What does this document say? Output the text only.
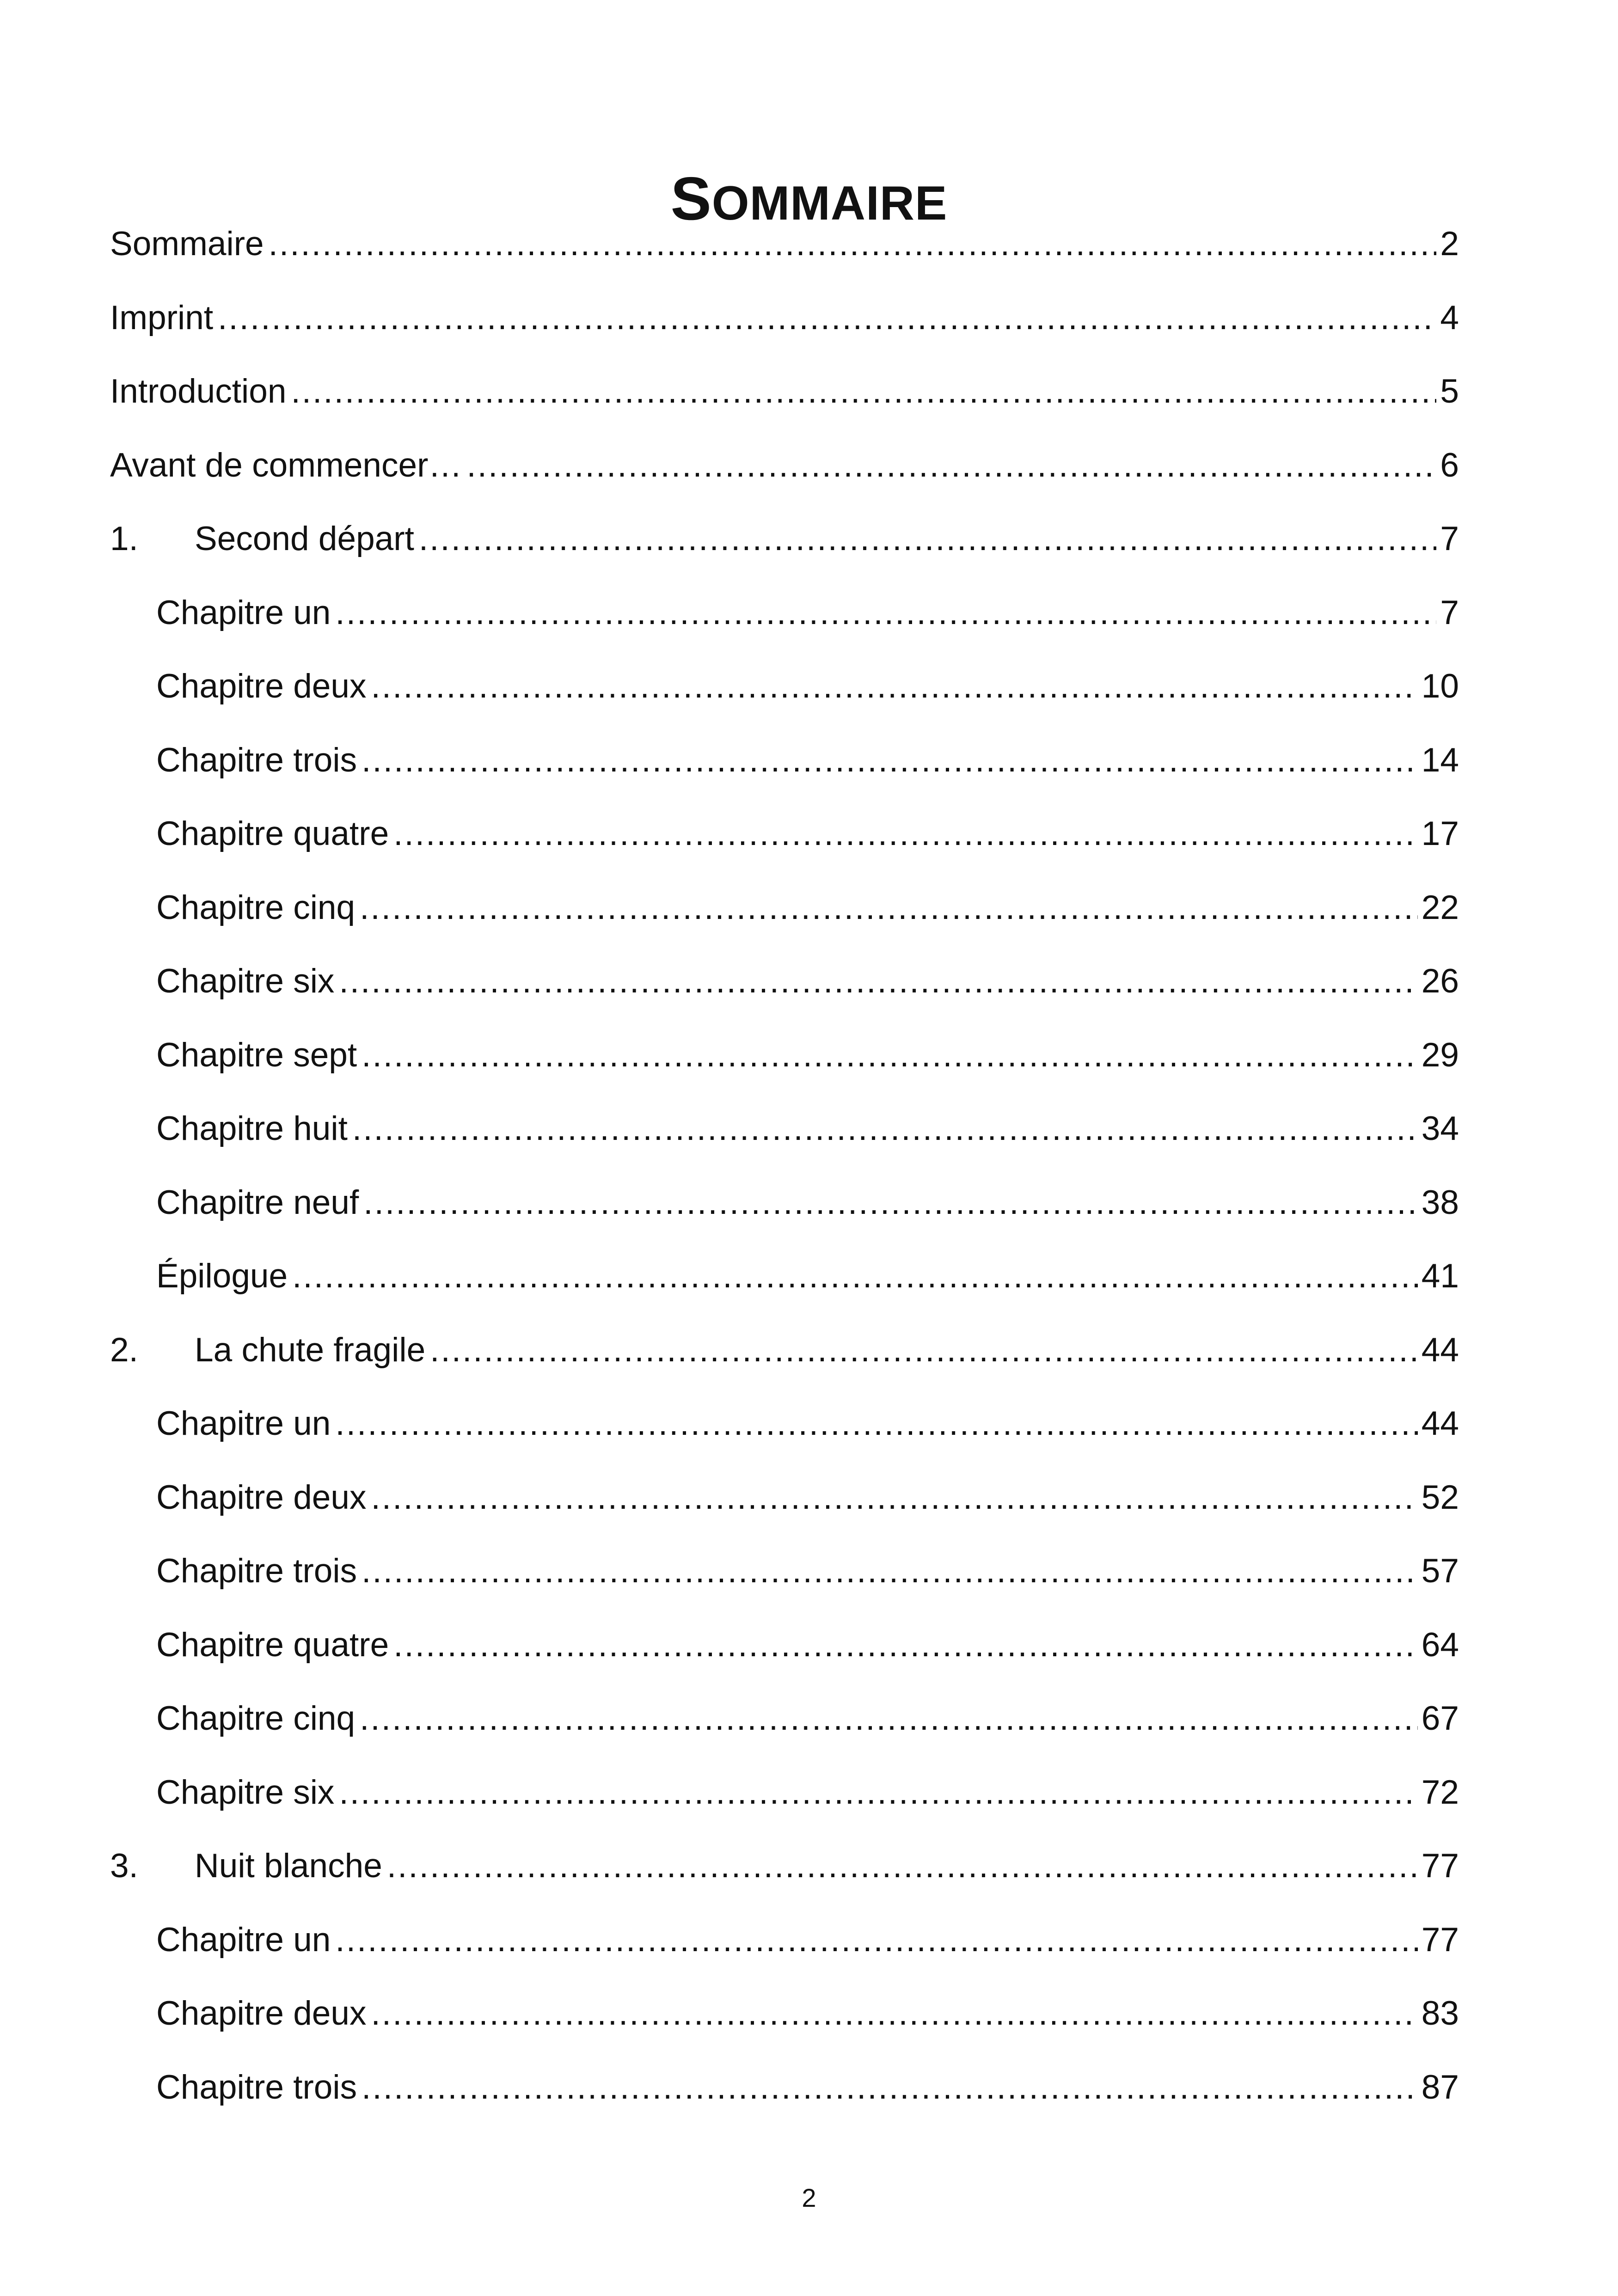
SOMMAIRE
Sommaire .....	2
Imprint .....	4
Introduction .....	5
Avant de commencer… .....	6
1.	Second départ .....	7
Chapitre un .....	7
Chapitre deux .....	10
Chapitre trois .....	14
Chapitre quatre .....	17
Chapitre cinq .....	22
Chapitre six .....	26
Chapitre sept .....	29
Chapitre huit .....	34
Chapitre neuf .....	38
Épilogue .....	41
2.	La chute fragile .....	44
Chapitre un .....	44
Chapitre deux .....	52
Chapitre trois .....	57
Chapitre quatre .....	64
Chapitre cinq .....	67
Chapitre six .....	72
3.	Nuit blanche .....	77
Chapitre un .....	77
Chapitre deux .....	83
Chapitre trois .....	87
2
